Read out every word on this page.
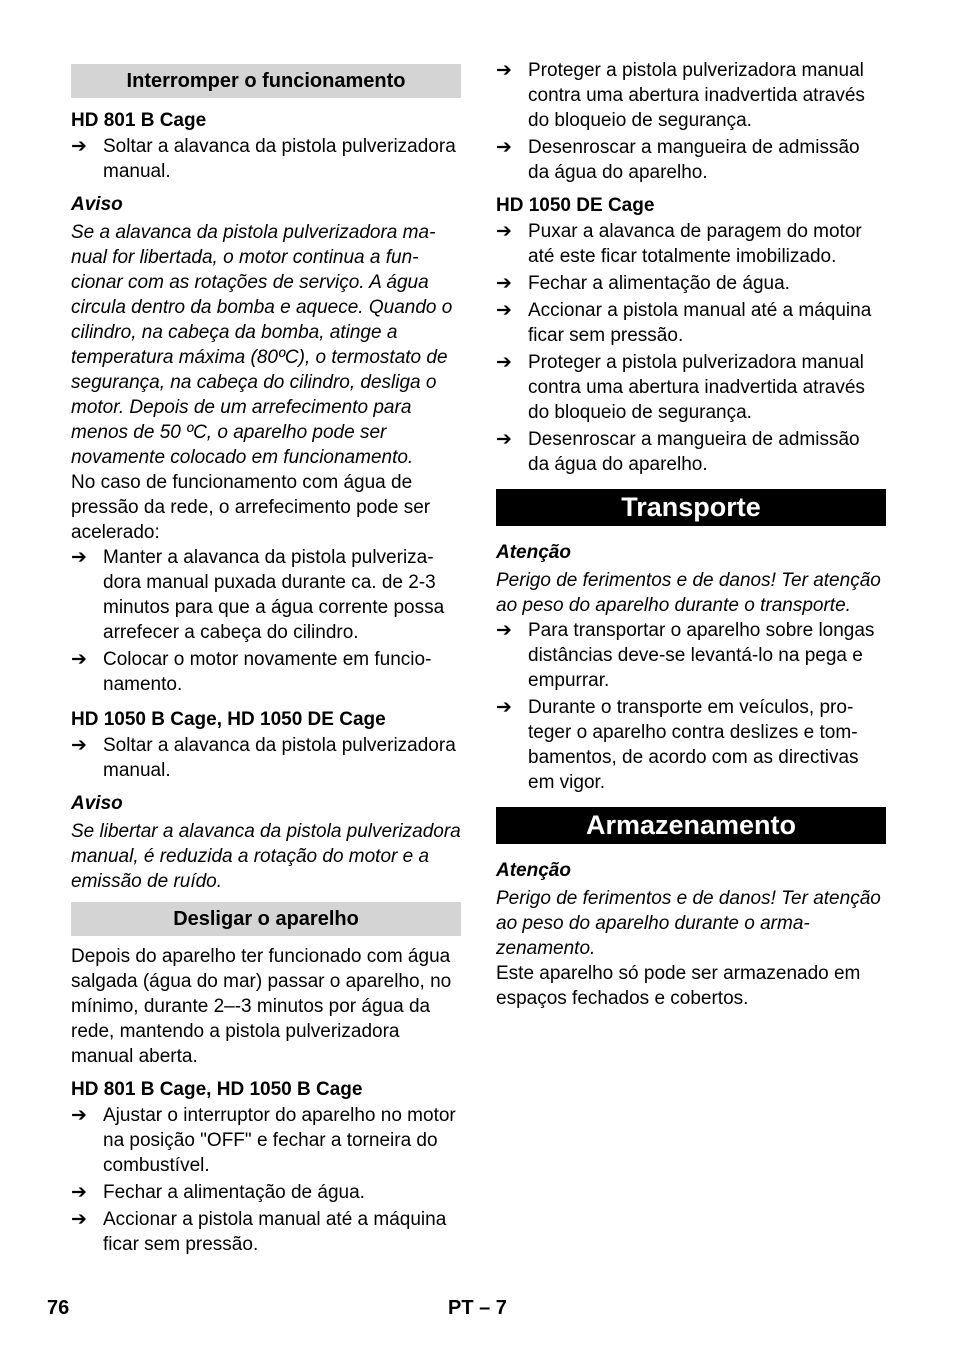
Interromper o funcionamento

HD 801 B Cage

➔ Soltar a alavanca da pistola pulverizadora manual.

Aviso

Se a alavanca da pistola pulverizadora manual for libertada, o motor continua a funcionar com as rotações de serviço. A água circula dentro da bomba e aquece. Quando o cilindro, na cabeça da bomba, atinge a temperatura máxima (80ºC), o termostato de segurança, na cabeça do cilindro, desliga o motor. Depois de um arrefecimento para menos de 50 ºC, o aparelho pode ser novamente colocado em funcionamento.

No caso de funcionamento com água de pressão da rede, o arrefecimento pode ser acelerado:

➔ Manter a alavanca da pistola pulverizadora manual puxada durante ca. de 2-3 minutos para que a água corrente possa arrefecer a cabeça do cilindro.
➔ Colocar o motor novamente em funcionamento.

HD 1050 B Cage, HD 1050 DE Cage

➔ Soltar a alavanca da pistola pulverizadora manual.

Aviso

Se libertar a alavanca da pistola pulverizadora manual, é reduzida a rotação do motor e a emissão de ruído.

Desligar o aparelho

Depois do aparelho ter funcionado com água salgada (água do mar) passar o aparelho, no mínimo, durante 2–-3 minutos por água da rede, mantendo a pistola pulverizadora manual aberta.

HD 801 B Cage, HD 1050 B Cage

➔ Ajustar o interruptor do aparelho no motor na posição "OFF" e fechar a torneira do combustível.
➔ Fechar a alimentação de água.
➔ Accionar a pistola manual até a máquina ficar sem pressão.
➔ Proteger a pistola pulverizadora manual contra uma abertura inadvertida através do bloqueio de segurança.
➔ Desenroscar a mangueira de admissão da água do aparelho.

HD 1050 DE Cage

➔ Puxar a alavanca de paragem do motor até este ficar totalmente imobilizado.
➔ Fechar a alimentação de água.
➔ Accionar a pistola manual até a máquina ficar sem pressão.
➔ Proteger a pistola pulverizadora manual contra uma abertura inadvertida através do bloqueio de segurança.
➔ Desenroscar a mangueira de admissão da água do aparelho.
Transporte

Atenção

Perigo de ferimentos e de danos! Ter atenção ao peso do aparelho durante o transporte.

➔ Para transportar o aparelho sobre longas distâncias deve-se levantá-lo na pega e empurrar.
➔ Durante o transporte em veículos, proteger o aparelho contra deslizes e tombamentos, de acordo com as directivas em vigor.
Armazenamento

Atenção

Perigo de ferimentos e de danos! Ter atenção ao peso do aparelho durante o armazenamento.

Este aparelho só pode ser armazenado em espaços fechados e cobertos.

76	PT – 7
